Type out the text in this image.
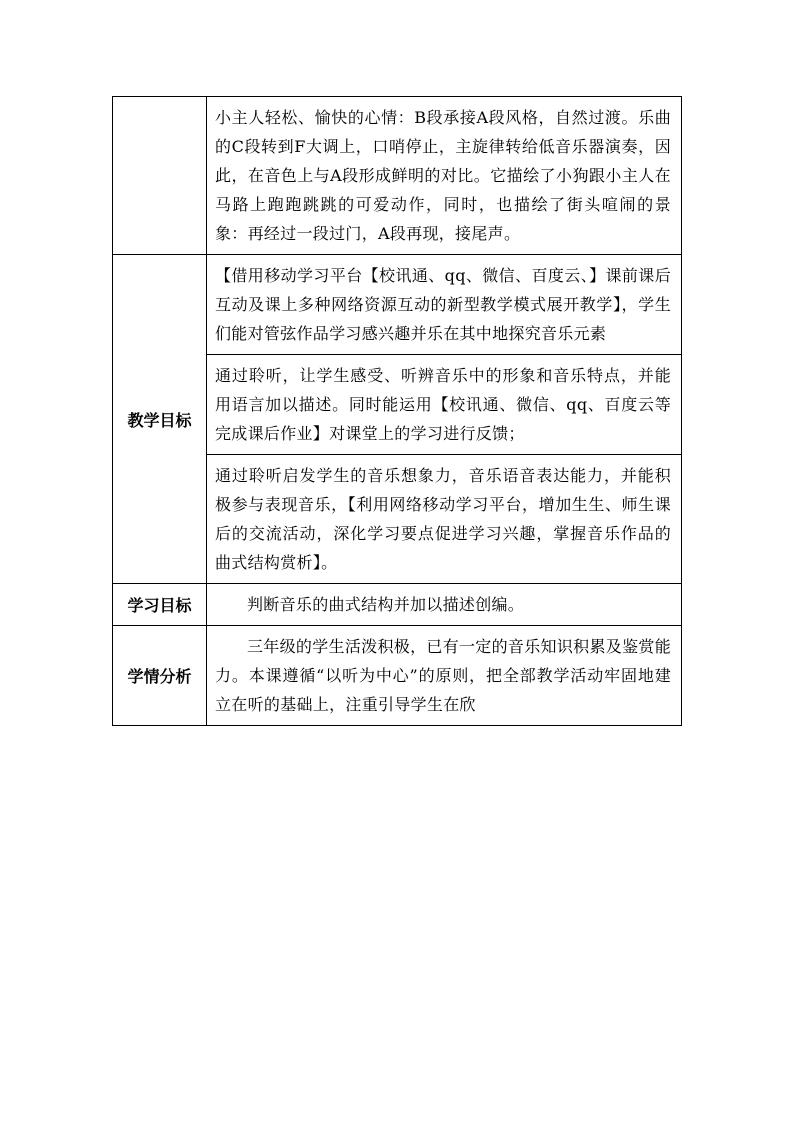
	小主人轻松、愉快的心情：B段承接A段风格，自然过渡。乐曲的C段转到F大调上，口哨停止，主旋律转给低音乐器演奏，因此，在音色上与A段形成鲜明的对比。它描绘了小狗跟小主人在马路上跑跑跳跳的可爱动作，同时，也描绘了街头喧闹的景象：再经过一段过门，A段再现，接尾声。
教学目标	【借用移动学习平台【校讯通、qq、微信、百度云、】课前课后互动及课上多种网络资源互动的新型教学模式展开教学】，学生们能对管弦作品学习感兴趣并乐在其中地探究音乐元素
	通过聆听，让学生感受、听辨音乐中的形象和音乐特点，并能用语言加以描述。同时能运用【校讯通、微信、qq、百度云等完成课后作业】对课堂上的学习进行反馈；
	通过聆听启发学生的音乐想象力，音乐语音表达能力，并能积极参与表现音乐，【利用网络移动学习平台，增加生生、师生课后的交流活动，深化学习要点促进学习兴趣，掌握音乐作品的曲式结构赏析】。
学习目标	判断音乐的曲式结构并加以描述创编。
学情分析	三年级的学生活泼积极，已有一定的音乐知识积累及鉴赏能力。本课遵循“以听为中心”的原则，把全部教学活动牢固地建立在听的基础上，注重引导学生在欣
